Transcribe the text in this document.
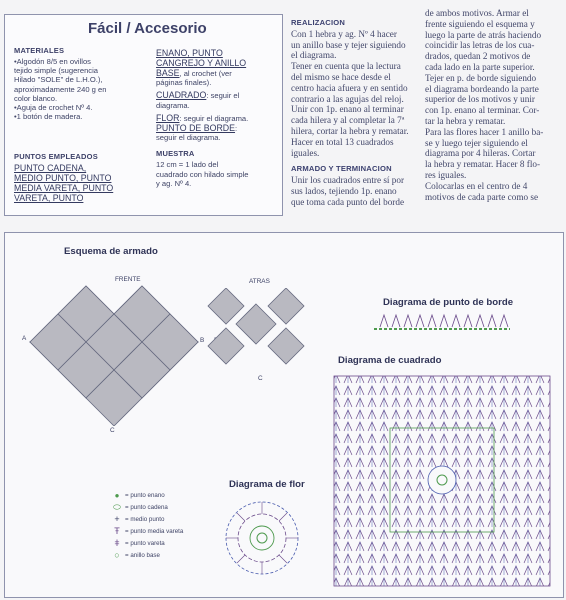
Fácil / Accesorio
MATERIALES

•Algodón 8/5 en ovillos

tejido simple (sugerencia

Hilado "SOLE" de L.H.O.),

aproximadamente 240 g en

color blanco.

•Aguja de crochet Nº 4.

•1 botón de madera.

PUNTOS EMPLEADOS

PUNTO CADENA,

MEDIO PUNTO, PUNTO

MEDIA VARETA, PUNTO

VARETA, PUNTO

ENANO, PUNTO

CANGREJO Y ANILLO

BASE, al crochet (ver

páginas finales).

CUADRADO: seguir el

diagrama.

FLOR: seguir el diagrama.

PUNTO DE BORDE:

seguir el diagrama.

MUESTRA

12 cm = 1 lado del

cuadrado con hilado simple

y ag. Nº 4.

REALIZACION

Con 1 hebra y ag. Nº 4 hacer

un anillo base y tejer siguiendo

el diagrama.

Tener en cuenta que la lectura

del mismo se hace desde el

centro hacia afuera y en sentido

contrario a las agujas del reloj.

Unir con 1p. enano al terminar

cada hilera y al completar la 7ª

hilera, cortar la hebra y rematar.

Hacer en total 13 cuadrados

iguales.

ARMADO Y TERMINACION

Unir los cuadrados entre sí por

sus lados, tejiendo 1p. enano

que toma cada punto del borde

de ambos motivos. Armar el

frente siguiendo el esquema y

luego la parte de atrás haciendo

coincidir las letras de los cua-

drados, quedan 2 motivos de

cada lado en la parte superior.

Tejer en p. de borde siguiendo

el diagrama bordeando la parte

superior de los motivos y unir

con 1p. enano al terminar. Cor-

tar la hebra y rematar.

Para las flores hacer 1 anillo ba-

se y luego tejer siguiendo el

diagrama por 4 hileras. Cortar

la hebra y rematar. Hacer 8 flo-

res iguales.

Colocarlas en el centro de 4

motivos de cada parte como se

Esquema de armado
FRENTE	ATRAS
A	B
C
C
Diagrama de punto de borde
Diagrama de cuadrado
Diagrama de flor
● = punto enano
⬭ = punto cadena
+ = medio punto
Ŧ = punto media vareta
ǂ = punto vareta
○ = anillo base
